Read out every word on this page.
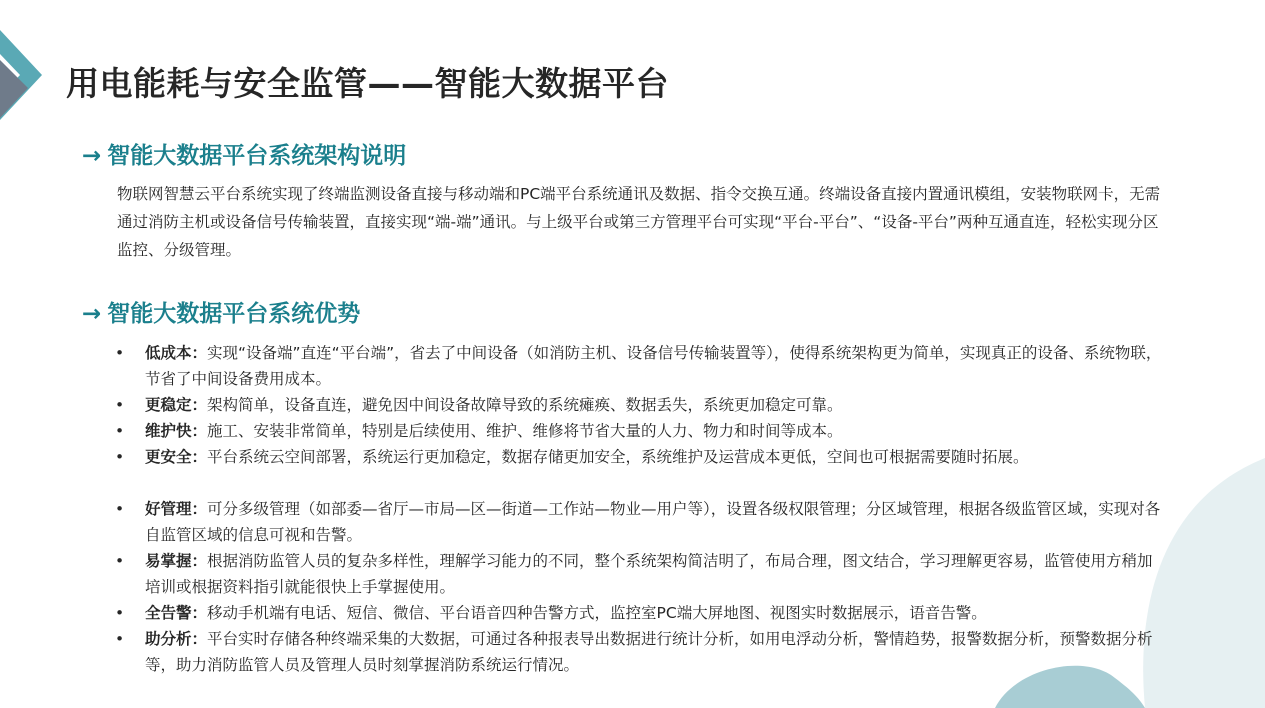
用电能耗与安全监管——智能大数据平台
→ 智能大数据平台系统架构说明

物联网智慧云平台系统实现了终端监测设备直接与移动端和PC端平台系统通讯及数据、指令交换互通。终端设备直接内置通讯模组，安装物联网卡，无需通过消防主机或设备信号传输装置，直接实现“端-端”通讯。与上级平台或第三方管理平台可实现“平台-平台”、“设备-平台”两种互通直连，轻松实现分区监控、分级管理。

→ 智能大数据平台系统优势
• 低成本：实现“设备端”直连“平台端”，省去了中间设备（如消防主机、设备信号传输装置等），使得系统架构更为简单，实现真正的设备、系统物联，节省了中间设备费用成本。
• 更稳定：架构简单，设备直连，避免因中间设备故障导致的系统瘫痪、数据丢失，系统更加稳定可靠。
• 维护快：施工、安装非常简单，特别是后续使用、维护、维修将节省大量的人力、物力和时间等成本。
• 更安全：平台系统云空间部署，系统运行更加稳定，数据存储更加安全，系统维护及运营成本更低，空间也可根据需要随时拓展。
• 好管理：可分多级管理（如部委—省厅—市局—区—街道—工作站—物业—用户等），设置各级权限管理；分区域管理，根据各级监管区域，实现对各自监管区域的信息可视和告警。
• 易掌握：根据消防监管人员的复杂多样性，理解学习能力的不同，整个系统架构简洁明了，布局合理，图文结合，学习理解更容易，监管使用方稍加培训或根据资料指引就能很快上手掌握使用。
• 全告警：移动手机端有电话、短信、微信、平台语音四种告警方式，监控室PC端大屏地图、视图实时数据展示，语音告警。
• 助分析：平台实时存储各种终端采集的大数据，可通过各种报表导出数据进行统计分析，如用电浮动分析，警情趋势，报警数据分析，预警数据分析等，助力消防监管人员及管理人员时刻掌握消防系统运行情况。
